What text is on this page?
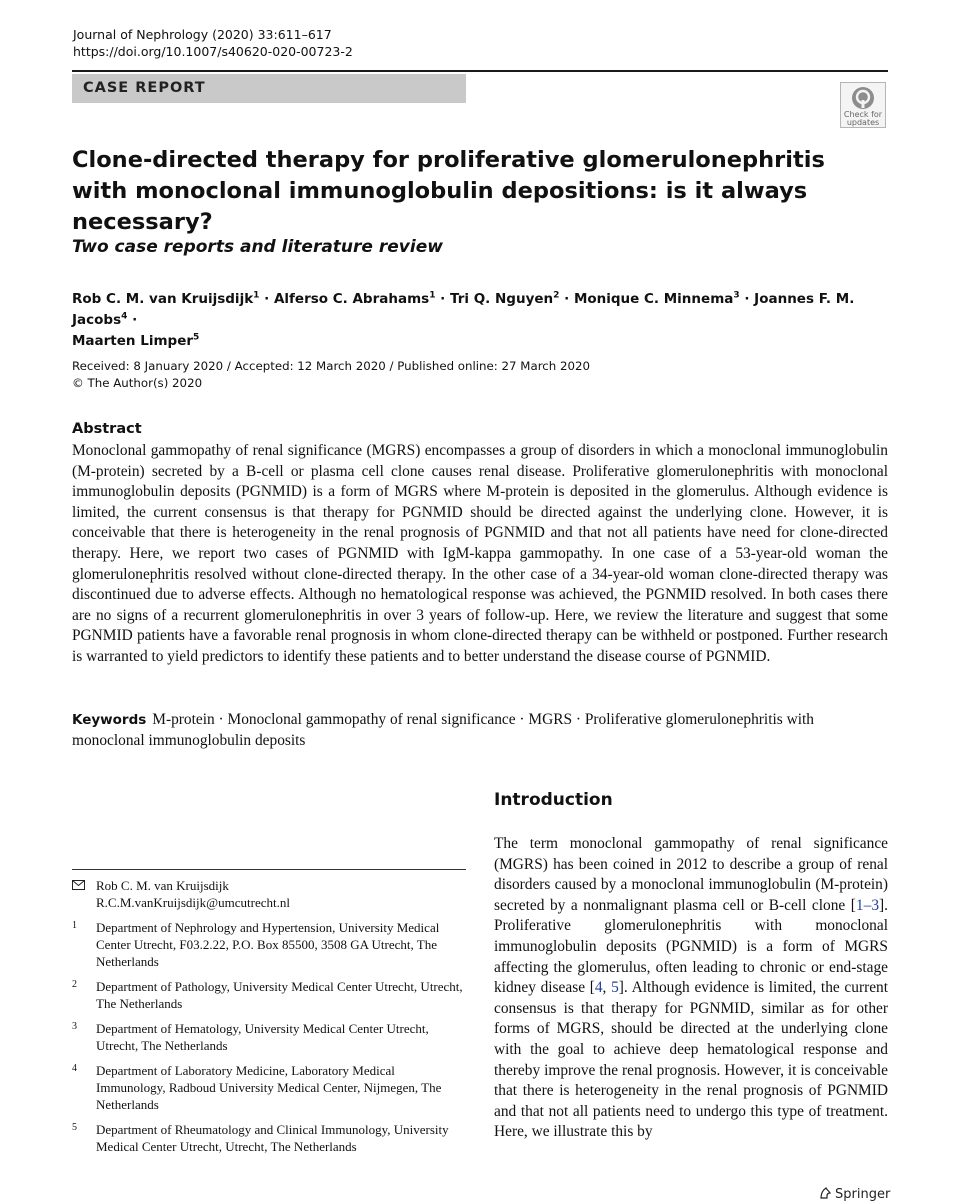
Journal of Nephrology (2020) 33:611–617
https://doi.org/10.1007/s40620-020-00723-2
CASE REPORT
Check for
updates
Clone-directed therapy for proliferative glomerulonephritis
with monoclonal immunoglobulin depositions: is it always necessary?
Two case reports and literature review
Rob C. M. van Kruijsdijk$^1$ · Alferso C. Abrahams$^1$ · Tri Q. Nguyen$^2$ · Monique C. Minnema$^3$ · Joannes F. M. Jacobs$^4$ ·
Maarten Limper$^5$
Received: 8 January 2020 / Accepted: 12 March 2020 / Published online: 27 March 2020
© The Author(s) 2020
Abstract
Monoclonal gammopathy of renal significance (MGRS) encompasses a group of disorders in which a monoclonal immunoglobulin (M-protein) secreted by a B-cell or plasma cell clone causes renal disease. Proliferative glomerulonephritis with monoclonal immunoglobulin deposits (PGNMID) is a form of MGRS where M-protein is deposited in the glomerulus. Although evidence is limited, the current consensus is that therapy for PGNMID should be directed against the underlying clone. However, it is conceivable that there is heterogeneity in the renal prognosis of PGNMID and that not all patients have need for clone-directed therapy. Here, we report two cases of PGNMID with IgM-kappa gammopathy. In one case of a 53-year-old woman the glomerulonephritis resolved without clone-directed therapy. In the other case of a 34-year-old woman clone-directed therapy was discontinued due to adverse effects. Although no hematological response was achieved, the PGNMID resolved. In both cases there are no signs of a recurrent glomerulonephritis in over 3 years of follow-up. Here, we review the literature and suggest that some PGNMID patients have a favorable renal prognosis in whom clone-directed therapy can be withheld or postponed. Further research is warranted to yield predictors to identify these patients and to better understand the disease course of PGNMID.
Keywords M-protein · Monoclonal gammopathy of renal significance · MGRS · Proliferative glomerulonephritis with monoclonal immunoglobulin deposits
Introduction
The term monoclonal gammopathy of renal significance (MGRS) has been coined in 2012 to describe a group of renal disorders caused by a monoclonal immunoglobulin (M-protein) secreted by a nonmalignant plasma cell or B-cell clone [1–3]. Proliferative glomerulonephritis with monoclonal immunoglobulin deposits (PGNMID) is a form of MGRS affecting the glomerulus, often leading to chronic or end-stage kidney disease [4, 5]. Although evidence is limited, the current consensus is that therapy for PGNMID, similar as for other forms of MGRS, should be directed at the underlying clone with the goal to achieve deep hematological response and thereby improve the renal prognosis. However, it is conceivable that there is heterogeneity in the renal prognosis of PGNMID and that not all patients need to undergo this type of treatment. Here, we illustrate this by
Rob C. M. van Kruijsdijk
R.C.M.vanKruijsdijk@umcutrecht.nl
1 Department of Nephrology and Hypertension, University Medical Center Utrecht, F03.2.22, P.O. Box 85500, 3508 GA Utrecht, The Netherlands
2 Department of Pathology, University Medical Center Utrecht, Utrecht, The Netherlands
3 Department of Hematology, University Medical Center Utrecht, Utrecht, The Netherlands
4 Department of Laboratory Medicine, Laboratory Medical Immunology, Radboud University Medical Center, Nijmegen, The Netherlands
5 Department of Rheumatology and Clinical Immunology, University Medical Center Utrecht, Utrecht, The Netherlands
Springer
